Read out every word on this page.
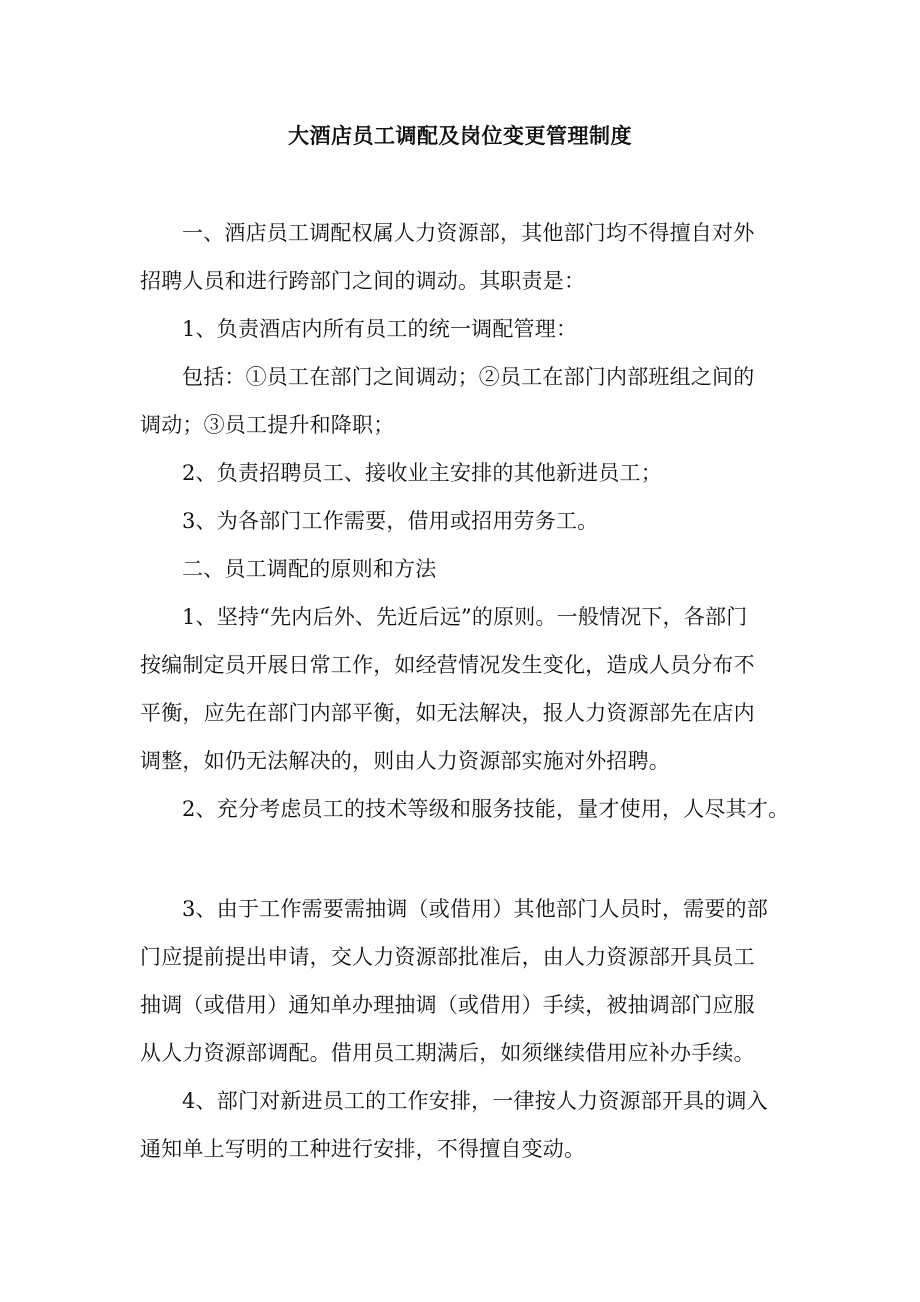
大酒店员工调配及岗位变更管理制度
一、酒店员工调配权属人力资源部，其他部门均不得擅自对外
招聘人员和进行跨部门之间的调动。其职责是：
1、负责酒店内所有员工的统一调配管理：
包括：①员工在部门之间调动；②员工在部门内部班组之间的
调动；③员工提升和降职；
2、负责招聘员工、接收业主安排的其他新进员工；
3、为各部门工作需要，借用或招用劳务工。
二、员工调配的原则和方法
1、坚持“先内后外、先近后远”的原则。一般情况下，各部门
按编制定员开展日常工作，如经营情况发生变化，造成人员分布不
平衡，应先在部门内部平衡，如无法解决，报人力资源部先在店内
调整，如仍无法解决的，则由人力资源部实施对外招聘。
2、充分考虑员工的技术等级和服务技能，量才使用，人尽其才。
3、由于工作需要需抽调（或借用）其他部门人员时，需要的部
门应提前提出申请，交人力资源部批准后，由人力资源部开具员工
抽调（或借用）通知单办理抽调（或借用）手续，被抽调部门应服
从人力资源部调配。借用员工期满后，如须继续借用应补办手续。
4、部门对新进员工的工作安排，一律按人力资源部开具的调入
通知单上写明的工种进行安排，不得擅自变动。
